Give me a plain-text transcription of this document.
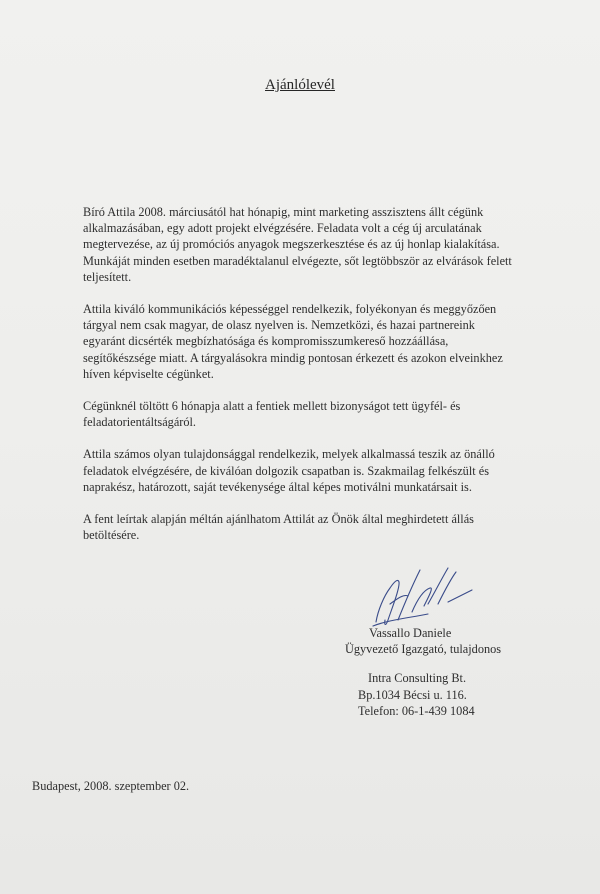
Ajánlólevél

Bíró Attila 2008. márciusától hat hónapig, mint marketing asszisztens állt cégünk
alkalmazásában, egy adott projekt elvégzésére. Feladata volt a cég új arculatának
megtervezése, az új promóciós anyagok megszerkesztése és az új honlap kialakítása.
Munkáját minden esetben maradéktalanul elvégezte, sőt legtöbbször az elvárások felett
teljesített.

Attila kiváló kommunikációs képességgel rendelkezik, folyékonyan és meggyőzően
tárgyal nem csak magyar, de olasz nyelven is. Nemzetközi, és hazai partnereink
egyaránt dicsérték megbízhatósága és kompromisszumkereső hozzáállása,
segítőkészsége miatt. A tárgyalásokra mindig pontosan érkezett és azokon elveinkhez
híven képviselte cégünket.

Cégünknél töltött 6 hónapja alatt a fentiek mellett bizonyságot tett ügyfél- és
feladatorientáltságáról.

Attila számos olyan tulajdonsággal rendelkezik, melyek alkalmassá teszik az önálló
feladatok elvégzésére, de kiválóan dolgozik csapatban is. Szakmailag felkészült és
naprakész, határozott, saját tevékenysége által képes motiválni munkatársait is.

A fent leírtak alapján méltán ajánlhatom Attilát az Önök által meghirdetett állás
betöltésére.

Vassallo Daniele
Ügyvezető Igazgató, tulajdonos
Intra Consulting Bt.
Bp.1034 Bécsi u. 116.
Telefon: 06-1-439 1084
Budapest, 2008. szeptember 02.
